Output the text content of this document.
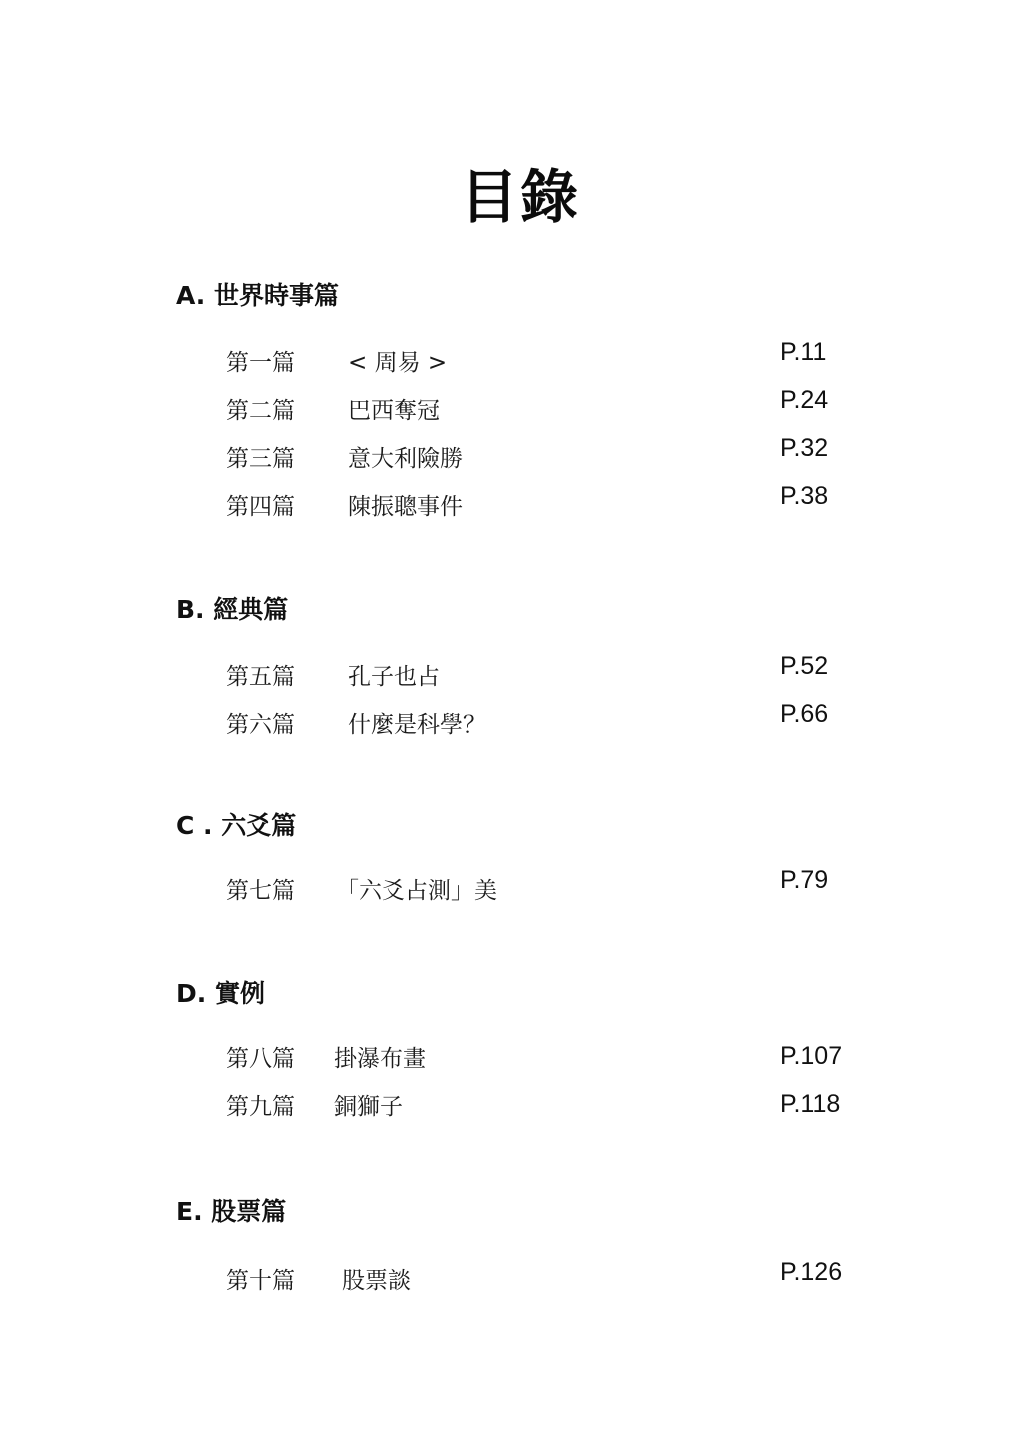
目錄
A. 世界時事篇
第一篇 < 周易 >	P.11
第二篇 巴西奪冠	P.24
第三篇 意大利險勝	P.32
第四篇 陳振聰事件	P.38
B. 經典篇
第五篇 孔子也占	P.52
第六篇 什麼是科學？	P.66
C . 六爻篇
第七篇 「六爻占測」美	P.79
D. 實例
第八篇 掛瀑布畫	P.107
第九篇 銅獅子	P.118
E. 股票篇
第十篇 股票談	P.126
